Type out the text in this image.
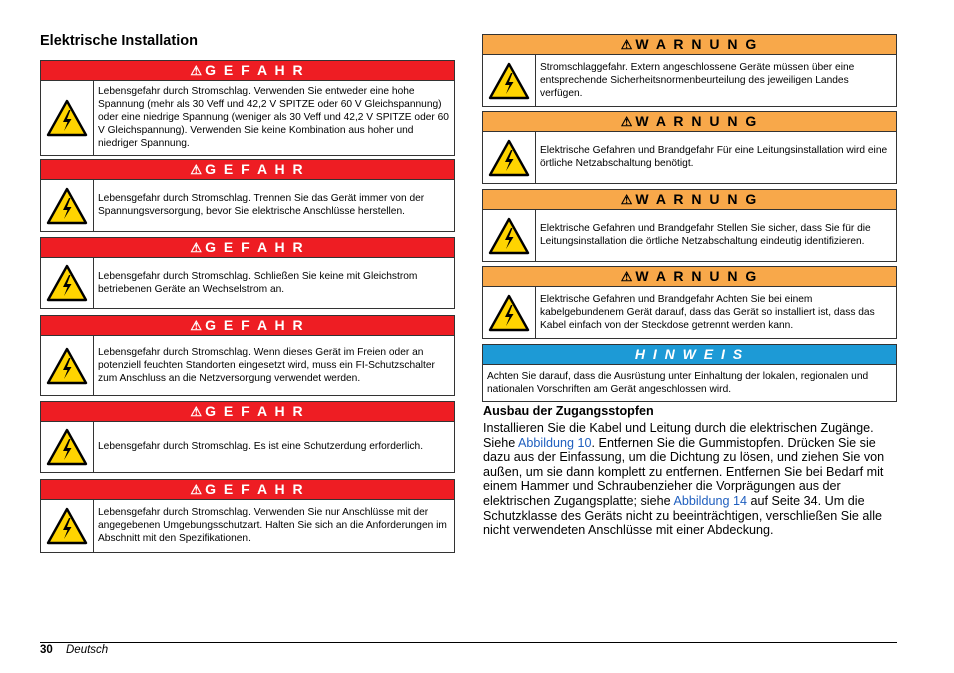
Elektrische Installation
⚠ G E F A H R
Lebensgefahr durch Stromschlag. Verwenden Sie entweder eine hohe Spannung (mehr als 30 Veff und 42,2 V SPITZE oder 60 V Gleichspannung) oder eine niedrige Spannung (weniger als 30 Veff und 42,2 V SPITZE oder 60 V Gleichspannung). Verwenden Sie keine Kombination aus hoher und niedriger Spannung.
⚠ G E F A H R
Lebensgefahr durch Stromschlag. Trennen Sie das Gerät immer von der Spannungsversorgung, bevor Sie elektrische Anschlüsse herstellen.
⚠ G E F A H R
Lebensgefahr durch Stromschlag. Schließen Sie keine mit Gleichstrom betriebenen Geräte an Wechselstrom an.
⚠ G E F A H R
Lebensgefahr durch Stromschlag. Wenn dieses Gerät im Freien oder an potenziell feuchten Standorten eingesetzt wird, muss ein FI-Schutzschalter zum Anschluss an die Netzversorgung verwendet werden.
⚠ G E F A H R
Lebensgefahr durch Stromschlag. Es ist eine Schutzerdung erforderlich.
⚠ G E F A H R
Lebensgefahr durch Stromschlag. Verwenden Sie nur Anschlüsse mit der angegebenen Umgebungsschutzart. Halten Sie sich an die Anforderungen im Abschnitt mit den Spezifikationen.
⚠ W A R N U N G
Stromschlaggefahr. Extern angeschlossene Geräte müssen über eine entsprechende Sicherheitsnormenbeurteilung des jeweiligen Landes verfügen.
⚠ W A R N U N G
Elektrische Gefahren und Brandgefahr Für eine Leitungsinstallation wird eine örtliche Netzabschaltung benötigt.
⚠ W A R N U N G
Elektrische Gefahren und Brandgefahr Stellen Sie sicher, dass Sie für die Leitungsinstallation die örtliche Netzabschaltung eindeutig identifizieren.
⚠ W A R N U N G
Elektrische Gefahren und Brandgefahr Achten Sie bei einem kabelgebundenem Gerät darauf, dass das Gerät so installiert ist, dass das Kabel einfach von der Steckdose getrennt werden kann.
H I N W E I S
Achten Sie darauf, dass die Ausrüstung unter Einhaltung der lokalen, regionalen und nationalen Vorschriften am Gerät angeschlossen wird.
Ausbau der Zugangsstopfen

Installieren Sie die Kabel und Leitung durch die elektrischen Zugänge. Siehe Abbildung 10. Entfernen Sie die Gummistopfen. Drücken Sie sie dazu aus der Einfassung, um die Dichtung zu lösen, und ziehen Sie von außen, um sie dann komplett zu entfernen. Entfernen Sie bei Bedarf mit einem Hammer und Schraubenzieher die Vorprägungen aus der elektrischen Zugangsplatte; siehe Abbildung 14 auf Seite 34. Um die Schutzklasse des Geräts nicht zu beeinträchtigen, verschließen Sie alle nicht verwendeten Anschlüsse mit einer Abdeckung.

30 Deutsch
